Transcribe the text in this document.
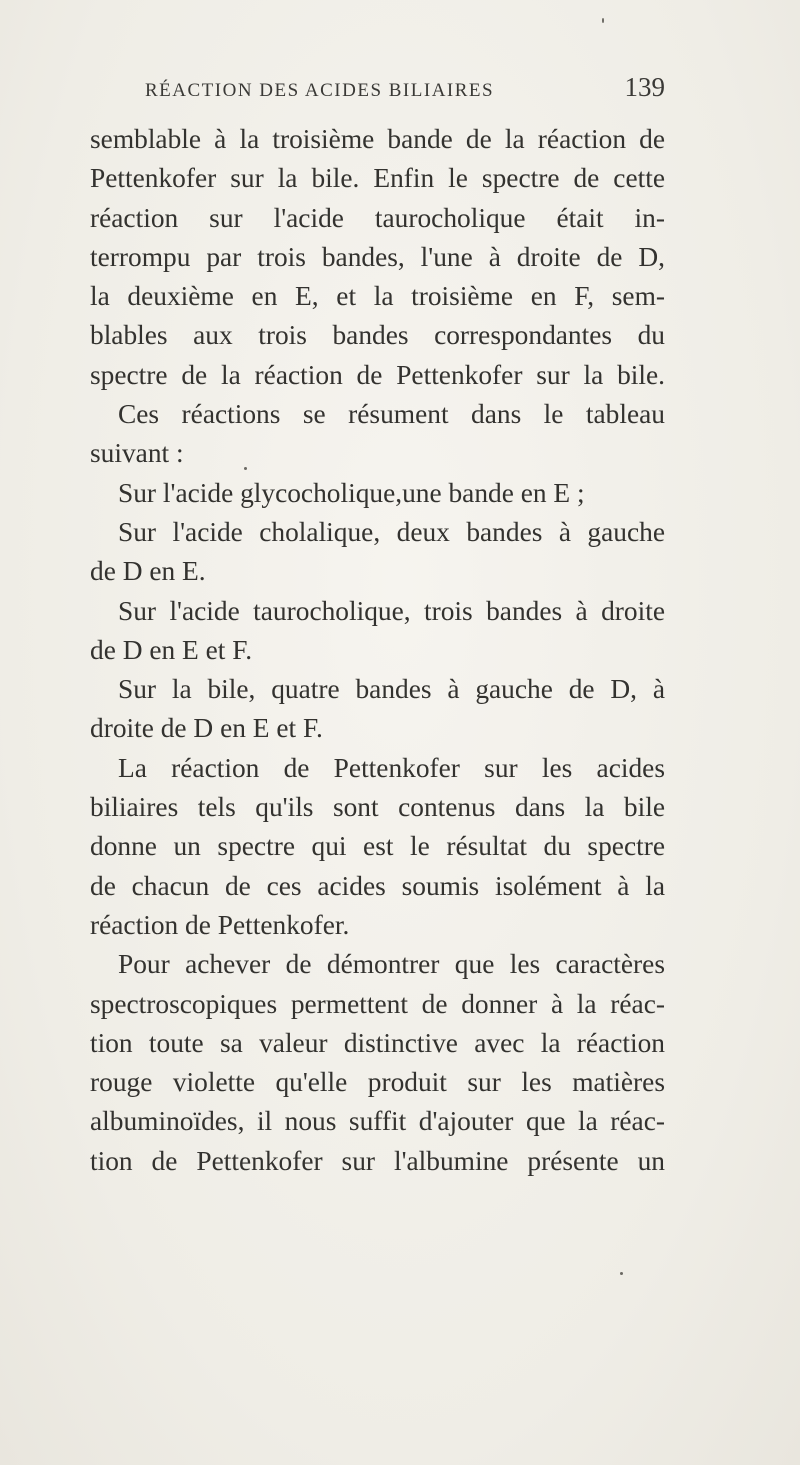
RÉACTION DES ACIDES BILIAIRES	139
semblable à la troisième bande de la réaction de
Pettenkofer sur la bile. Enfin le spectre de cette
réaction sur l'acide taurocholique était in-
terrompu par trois bandes, l'une à droite de D,
la deuxième en E, et la troisième en F, sem-
blables aux trois bandes correspondantes du
spectre de la réaction de Pettenkofer sur la bile.
Ces réactions se résument dans le tableau
suivant :
Sur l'acide glycocholique,une bande en E ;
Sur l'acide cholalique, deux bandes à gauche
de D en E.
Sur l'acide taurocholique, trois bandes à droite
de D en E et F.
Sur la bile, quatre bandes à gauche de D, à
droite de D en E et F.
La réaction de Pettenkofer sur les acides
biliaires tels qu'ils sont contenus dans la bile
donne un spectre qui est le résultat du spectre
de chacun de ces acides soumis isolément à la
réaction de Pettenkofer.
Pour achever de démontrer que les caractères
spectroscopiques permettent de donner à la réac-
tion toute sa valeur distinctive avec la réaction
rouge violette qu'elle produit sur les matières
albuminoïdes, il nous suffit d'ajouter que la réac-
tion de Pettenkofer sur l'albumine présente un
